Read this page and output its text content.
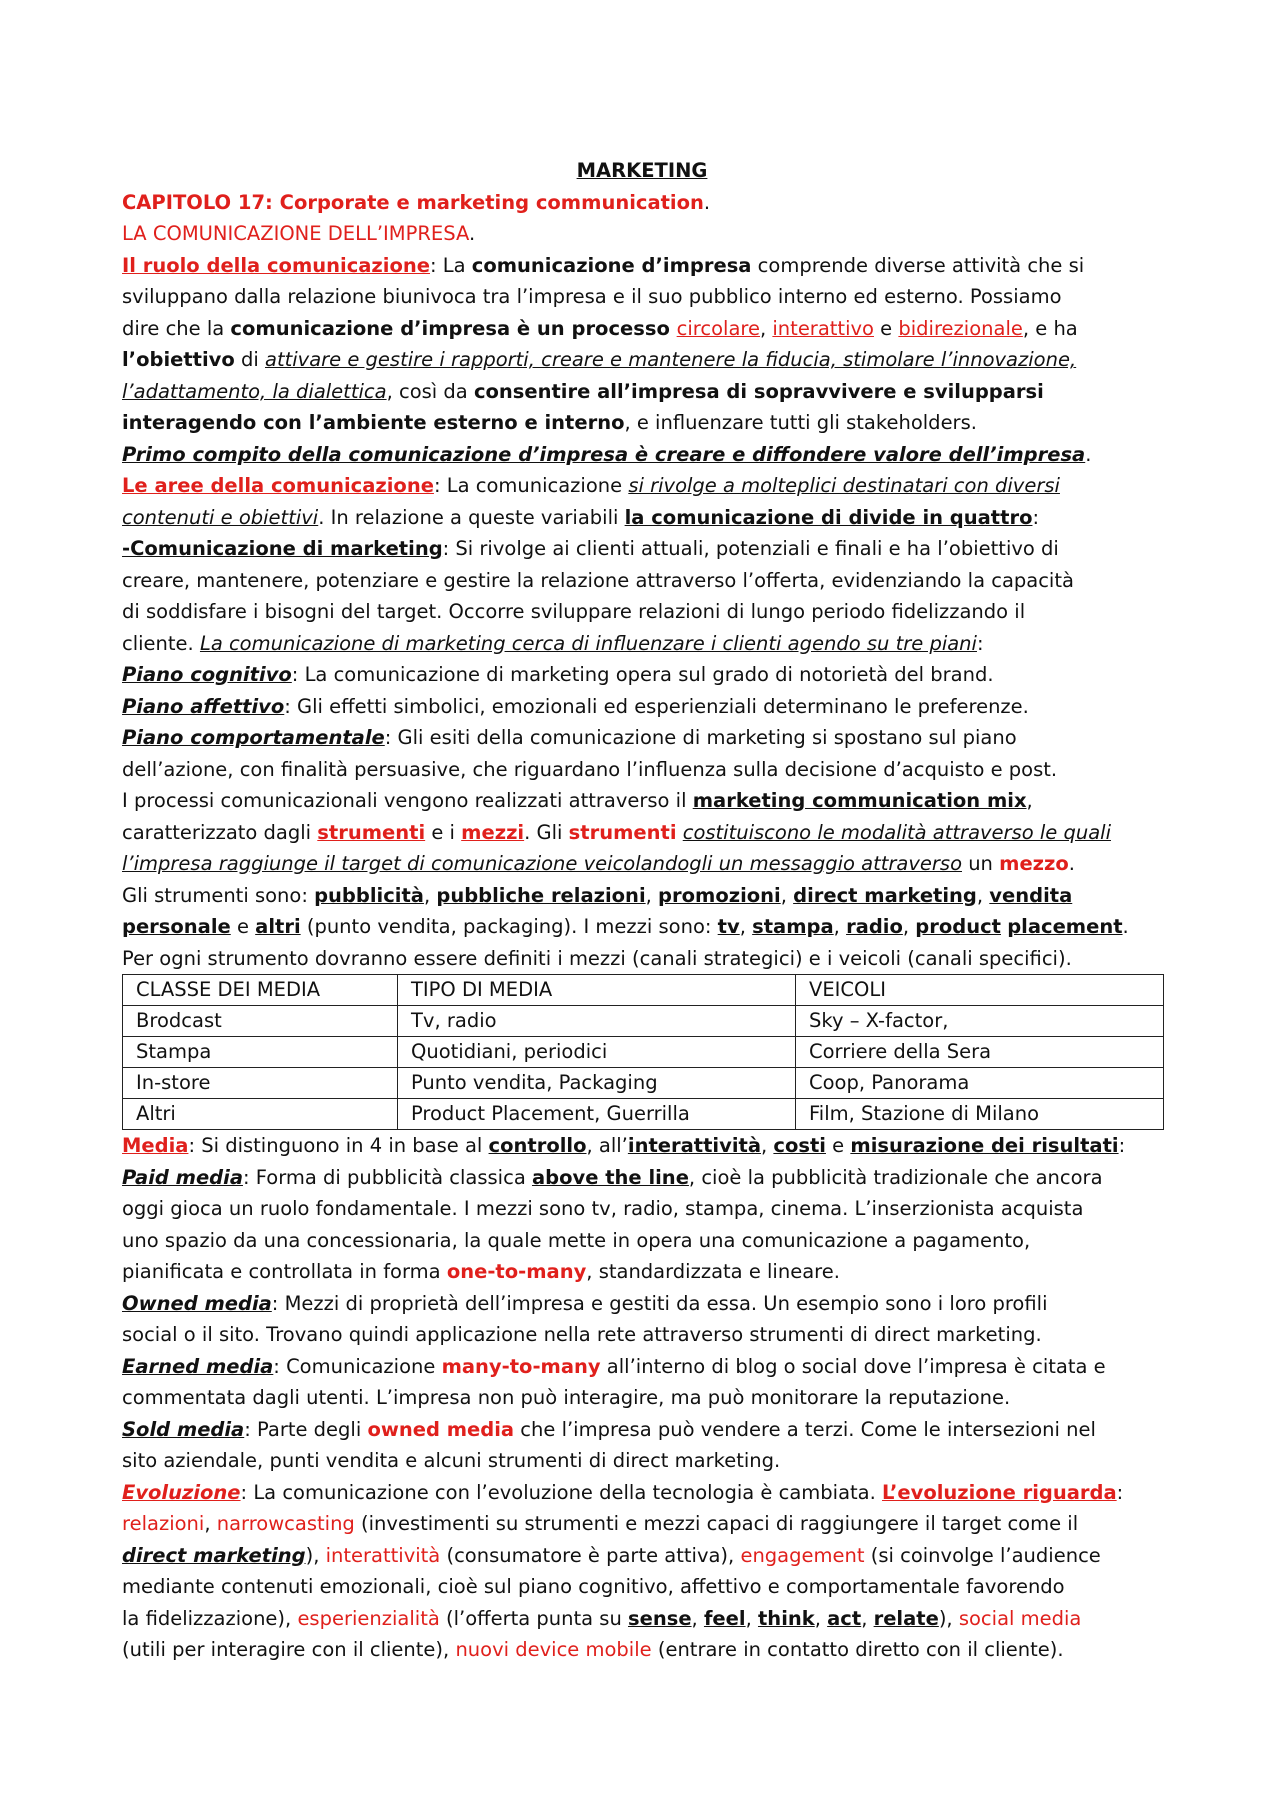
MARKETING
CAPITOLO 17: Corporate e marketing communication.
LA COMUNICAZIONE DELL’IMPRESA.
Il ruolo della comunicazione: La comunicazione d’impresa comprende diverse attività che si
sviluppano dalla relazione biunivoca tra l’impresa e il suo pubblico interno ed esterno. Possiamo
dire che la comunicazione d’impresa è un processo circolare, interattivo e bidirezionale, e ha
l’obiettivo di attivare e gestire i rapporti, creare e mantenere la fiducia, stimolare l’innovazione,
l’adattamento, la dialettica, così da consentire all’impresa di sopravvivere e svilupparsi
interagendo con l’ambiente esterno e interno, e influenzare tutti gli stakeholders.
Primo compito della comunicazione d’impresa è creare e diffondere valore dell’impresa.
Le aree della comunicazione: La comunicazione si rivolge a molteplici destinatari con diversi
contenuti e obiettivi. In relazione a queste variabili la comunicazione di divide in quattro:
-Comunicazione di marketing: Si rivolge ai clienti attuali, potenziali e finali e ha l’obiettivo di
creare, mantenere, potenziare e gestire la relazione attraverso l’offerta, evidenziando la capacità
di soddisfare i bisogni del target. Occorre sviluppare relazioni di lungo periodo fidelizzando il
cliente. La comunicazione di marketing cerca di influenzare i clienti agendo su tre piani:
Piano cognitivo: La comunicazione di marketing opera sul grado di notorietà del brand.
Piano affettivo: Gli effetti simbolici, emozionali ed esperienziali determinano le preferenze.
Piano comportamentale: Gli esiti della comunicazione di marketing si spostano sul piano
dell’azione, con finalità persuasive, che riguardano l’influenza sulla decisione d’acquisto e post.
I processi comunicazionali vengono realizzati attraverso il marketing communication mix,
caratterizzato dagli strumenti e i mezzi. Gli strumenti costituiscono le modalità attraverso le quali
l’impresa raggiunge il target di comunicazione veicolandogli un messaggio attraverso un mezzo.
Gli strumenti sono: pubblicità, pubbliche relazioni, promozioni, direct marketing, vendita
personale e altri (punto vendita, packaging). I mezzi sono: tv, stampa, radio, product placement.
Per ogni strumento dovranno essere definiti i mezzi (canali strategici) e i veicoli (canali specifici).
CLASSE DEI MEDIA	TIPO DI MEDIA	VEICOLI
Brodcast	Tv, radio	Sky – X-factor,
Stampa	Quotidiani, periodici	Corriere della Sera
In-store	Punto vendita, Packaging	Coop, Panorama
Altri	Product Placement, Guerrilla	Film, Stazione di Milano
Media: Si distinguono in 4 in base al controllo, all’interattività, costi e misurazione dei risultati:
Paid media: Forma di pubblicità classica above the line, cioè la pubblicità tradizionale che ancora
oggi gioca un ruolo fondamentale. I mezzi sono tv, radio, stampa, cinema. L’inserzionista acquista
uno spazio da una concessionaria, la quale mette in opera una comunicazione a pagamento,
pianificata e controllata in forma one-to-many, standardizzata e lineare.
Owned media: Mezzi di proprietà dell’impresa e gestiti da essa. Un esempio sono i loro profili
social o il sito. Trovano quindi applicazione nella rete attraverso strumenti di direct marketing.
Earned media: Comunicazione many-to-many all’interno di blog o social dove l’impresa è citata e
commentata dagli utenti. L’impresa non può interagire, ma può monitorare la reputazione.
Sold media: Parte degli owned media che l’impresa può vendere a terzi. Come le intersezioni nel
sito aziendale, punti vendita e alcuni strumenti di direct marketing.
Evoluzione: La comunicazione con l’evoluzione della tecnologia è cambiata. L’evoluzione riguarda:
relazioni, narrowcasting (investimenti su strumenti e mezzi capaci di raggiungere il target come il
direct marketing), interattività (consumatore è parte attiva), engagement (si coinvolge l’audience
mediante contenuti emozionali, cioè sul piano cognitivo, affettivo e comportamentale favorendo
la fidelizzazione), esperienzialità (l’offerta punta su sense, feel, think, act, relate), social media
(utili per interagire con il cliente), nuovi device mobile (entrare in contatto diretto con il cliente).
